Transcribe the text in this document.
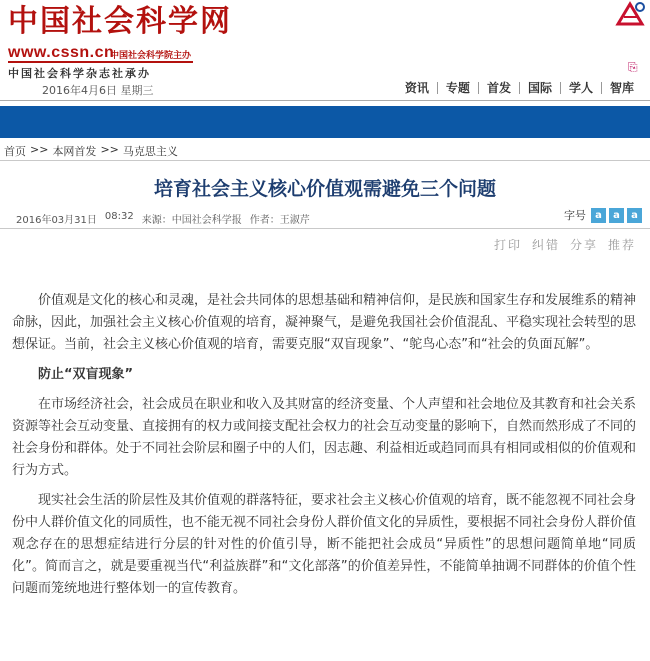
中国社会科学网
www.cssn.cn
中国社会科学院主办
中国社会科学杂志社承办	⎘
2016年4月6日 星期三	资讯	专题	首发	国际	学人	智库
首页 >> 本网首发 >> 马克思主义
培育社会主义核心价值观需避免三个问题
2016年03月31日 08:32 来源：中国社会科学报 作者：王淑芹	字号 a	a	a
打印 纠错 分享 推荐

价值观是文化的核心和灵魂，是社会共同体的思想基础和精神信仰，是民族和国家生存和发展维系的精神命脉，因此，加强社会主义核心价值观的培育，凝神聚气，是避免我国社会价值混乱、平稳实现社会转型的思想保证。当前，社会主义核心价值观的培育，需要克服“双盲现象”、“鸵鸟心态”和“社会的负面瓦解”。

防止“双盲现象”

在市场经济社会，社会成员在职业和收入及其财富的经济变量、个人声望和社会地位及其教育和社会关系资源等社会互动变量、直接拥有的权力或间接支配社会权力的社会互动变量的影响下，自然而然形成了不同的社会身份和群体。处于不同社会阶层和圈子中的人们，因志趣、利益相近或趋同而具有相同或相似的价值观和行为方式。

现实社会生活的阶层性及其价值观的群落特征，要求社会主义核心价值观的培育，既不能忽视不同社会身份中人群价值文化的同质性，也不能无视不同社会身份人群价值文化的异质性，要根据不同社会身份人群价值观念存在的思想症结进行分层的针对性的价值引导，断不能把社会成员“异质性”的思想问题简单地“同质化”。简而言之，就是要重视当代“利益族群”和“文化部落”的价值差异性，不能简单抽调不同群体的价值个性问题而笼统地进行整体划一的宣传教育。
